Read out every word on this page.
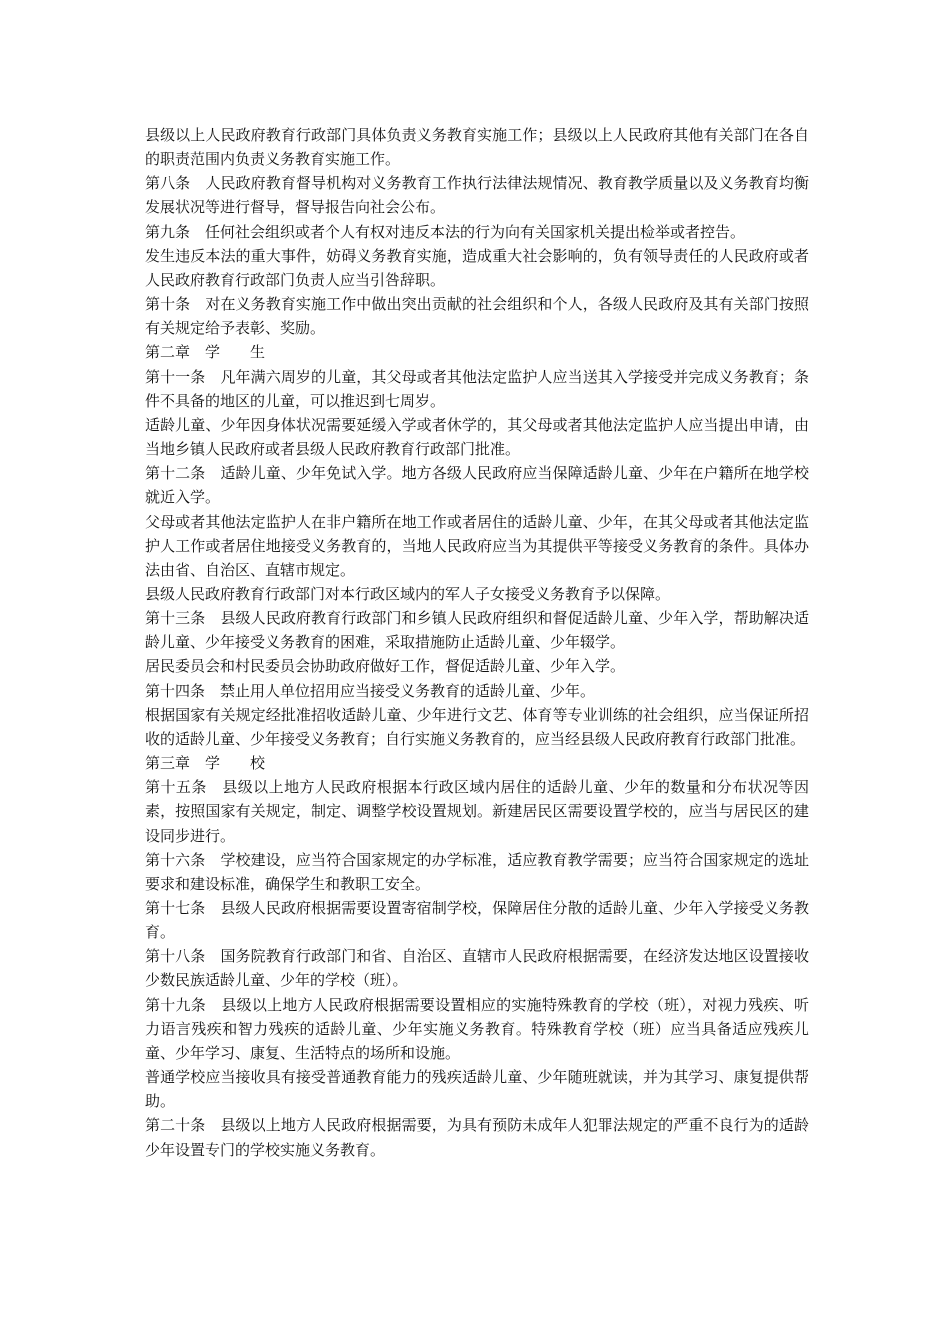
县级以上人民政府教育行政部门具体负责义务教育实施工作；县级以上人民政府其他有关部门在各自的职责范围内负责义务教育实施工作。

第八条　人民政府教育督导机构对义务教育工作执行法律法规情况、教育教学质量以及义务教育均衡发展状况等进行督导，督导报告向社会公布。

第九条　任何社会组织或者个人有权对违反本法的行为向有关国家机关提出检举或者控告。

发生违反本法的重大事件，妨碍义务教育实施，造成重大社会影响的，负有领导责任的人民政府或者人民政府教育行政部门负责人应当引咎辞职。

第十条　对在义务教育实施工作中做出突出贡献的社会组织和个人，各级人民政府及其有关部门按照有关规定给予表彰、奖励。

第二章　学　　生

第十一条　凡年满六周岁的儿童，其父母或者其他法定监护人应当送其入学接受并完成义务教育；条件不具备的地区的儿童，可以推迟到七周岁。

适龄儿童、少年因身体状况需要延缓入学或者休学的，其父母或者其他法定监护人应当提出申请，由当地乡镇人民政府或者县级人民政府教育行政部门批准。

第十二条　适龄儿童、少年免试入学。地方各级人民政府应当保障适龄儿童、少年在户籍所在地学校就近入学。

父母或者其他法定监护人在非户籍所在地工作或者居住的适龄儿童、少年，在其父母或者其他法定监护人工作或者居住地接受义务教育的，当地人民政府应当为其提供平等接受义务教育的条件。具体办法由省、自治区、直辖市规定。

县级人民政府教育行政部门对本行政区域内的军人子女接受义务教育予以保障。

第十三条　县级人民政府教育行政部门和乡镇人民政府组织和督促适龄儿童、少年入学，帮助解决适龄儿童、少年接受义务教育的困难，采取措施防止适龄儿童、少年辍学。

居民委员会和村民委员会协助政府做好工作，督促适龄儿童、少年入学。

第十四条　禁止用人单位招用应当接受义务教育的适龄儿童、少年。

根据国家有关规定经批准招收适龄儿童、少年进行文艺、体育等专业训练的社会组织，应当保证所招收的适龄儿童、少年接受义务教育；自行实施义务教育的，应当经县级人民政府教育行政部门批准。

第三章　学　　校

第十五条　县级以上地方人民政府根据本行政区域内居住的适龄儿童、少年的数量和分布状况等因素，按照国家有关规定，制定、调整学校设置规划。新建居民区需要设置学校的，应当与居民区的建设同步进行。

第十六条　学校建设，应当符合国家规定的办学标准，适应教育教学需要；应当符合国家规定的选址要求和建设标准，确保学生和教职工安全。

第十七条　县级人民政府根据需要设置寄宿制学校，保障居住分散的适龄儿童、少年入学接受义务教育。

第十八条　国务院教育行政部门和省、自治区、直辖市人民政府根据需要，在经济发达地区设置接收少数民族适龄儿童、少年的学校（班）。

第十九条　县级以上地方人民政府根据需要设置相应的实施特殊教育的学校（班），对视力残疾、听力语言残疾和智力残疾的适龄儿童、少年实施义务教育。特殊教育学校（班）应当具备适应残疾儿童、少年学习、康复、生活特点的场所和设施。

普通学校应当接收具有接受普通教育能力的残疾适龄儿童、少年随班就读，并为其学习、康复提供帮助。

第二十条　县级以上地方人民政府根据需要，为具有预防未成年人犯罪法规定的严重不良行为的适龄少年设置专门的学校实施义务教育。
